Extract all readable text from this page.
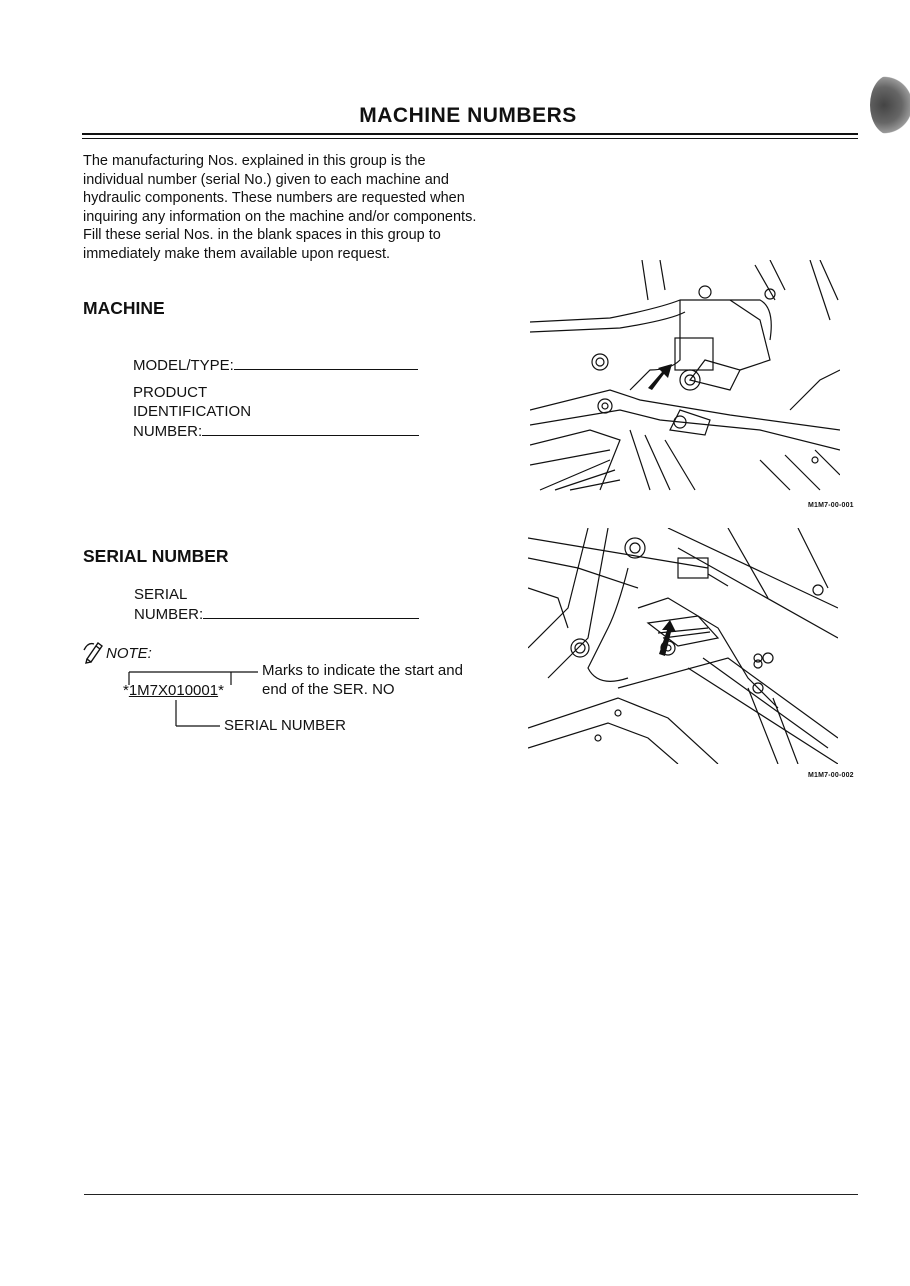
MACHINE NUMBERS
The manufacturing Nos. explained in this group is the individual number (serial No.) given to each machine and hydraulic components. These numbers are requested when inquiring any information on the machine and/or components. Fill these serial Nos. in the blank spaces in this group to immediately make them available upon request.
MACHINE
MODEL/TYPE:
PRODUCT
IDENTIFICATION
NUMBER:
SERIAL NUMBER
SERIAL
NUMBER:
NOTE:
*1M7X010001*
Marks to indicate the start and
end of the SER. NO
SERIAL NUMBER
M1M7-00-001
M1M7-00-002
